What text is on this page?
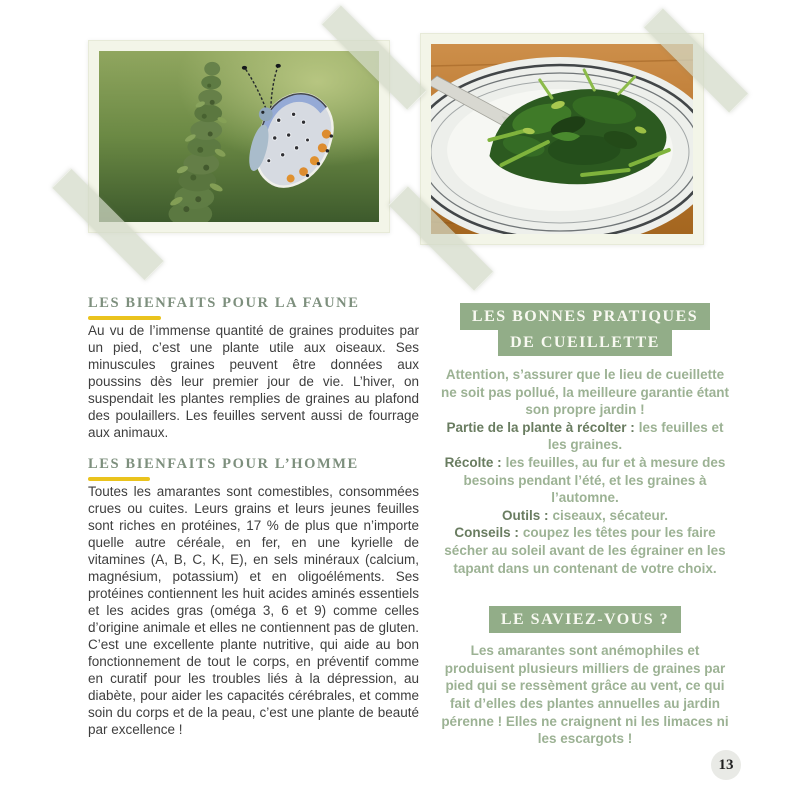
LES BIENFAITS POUR LA FAUNE

Au vu de l’immense quantité de graines produites par un pied, c’est une plante utile aux oiseaux. Ses minuscules graines peuvent être données aux poussins dès leur premier jour de vie. L’hiver, on suspendait les plantes remplies de graines au plafond des poulaillers. Les feuilles servent aussi de fourrage aux animaux.

LES BIENFAITS POUR L’HOMME

Toutes les amarantes sont comestibles, consommées crues ou cuites. Leurs grains et leurs jeunes feuilles sont riches en protéines, 17 % de plus que n’importe quelle autre céréale, en fer, en une kyrielle de vitamines (A, B, C, K, E), en sels minéraux (calcium, magnésium, potassium) et en oligoéléments. Ses protéines contiennent les huit acides aminés essentiels et les acides gras (oméga 3, 6 et 9) comme celles d’origine animale et elles ne contiennent pas de gluten. C’est une excellente plante nutritive, qui aide au bon fonctionnement de tout le corps, en préventif comme en curatif pour les troubles liés à la dépression, au diabète, pour aider les capacités cérébrales, et comme soin du corps et de la peau, c’est une plante de beauté par excellence !

LES BONNES PRATIQUES
DE CUEILLETTE

Attention, s’assurer que le lieu de cueillette ne soit pas pollué, la meilleure garantie étant son propre jardin !

Partie de la plante à récolter : les feuilles et les graines.

Récolte : les feuilles, au fur et à mesure des besoins pendant l’été, et les graines à l’automne.

Outils : ciseaux, sécateur.

Conseils : coupez les têtes pour les faire sécher au soleil avant de les égrainer en les tapant dans un contenant de votre choix.

LE SAVIEZ-VOUS ?

Les amarantes sont anémophiles et produisent plusieurs milliers de graines par pied qui se ressèment grâce au vent, ce qui fait d’elles des plantes annuelles au jardin pérenne ! Elles ne craignent ni les limaces ni les escargots !

13
